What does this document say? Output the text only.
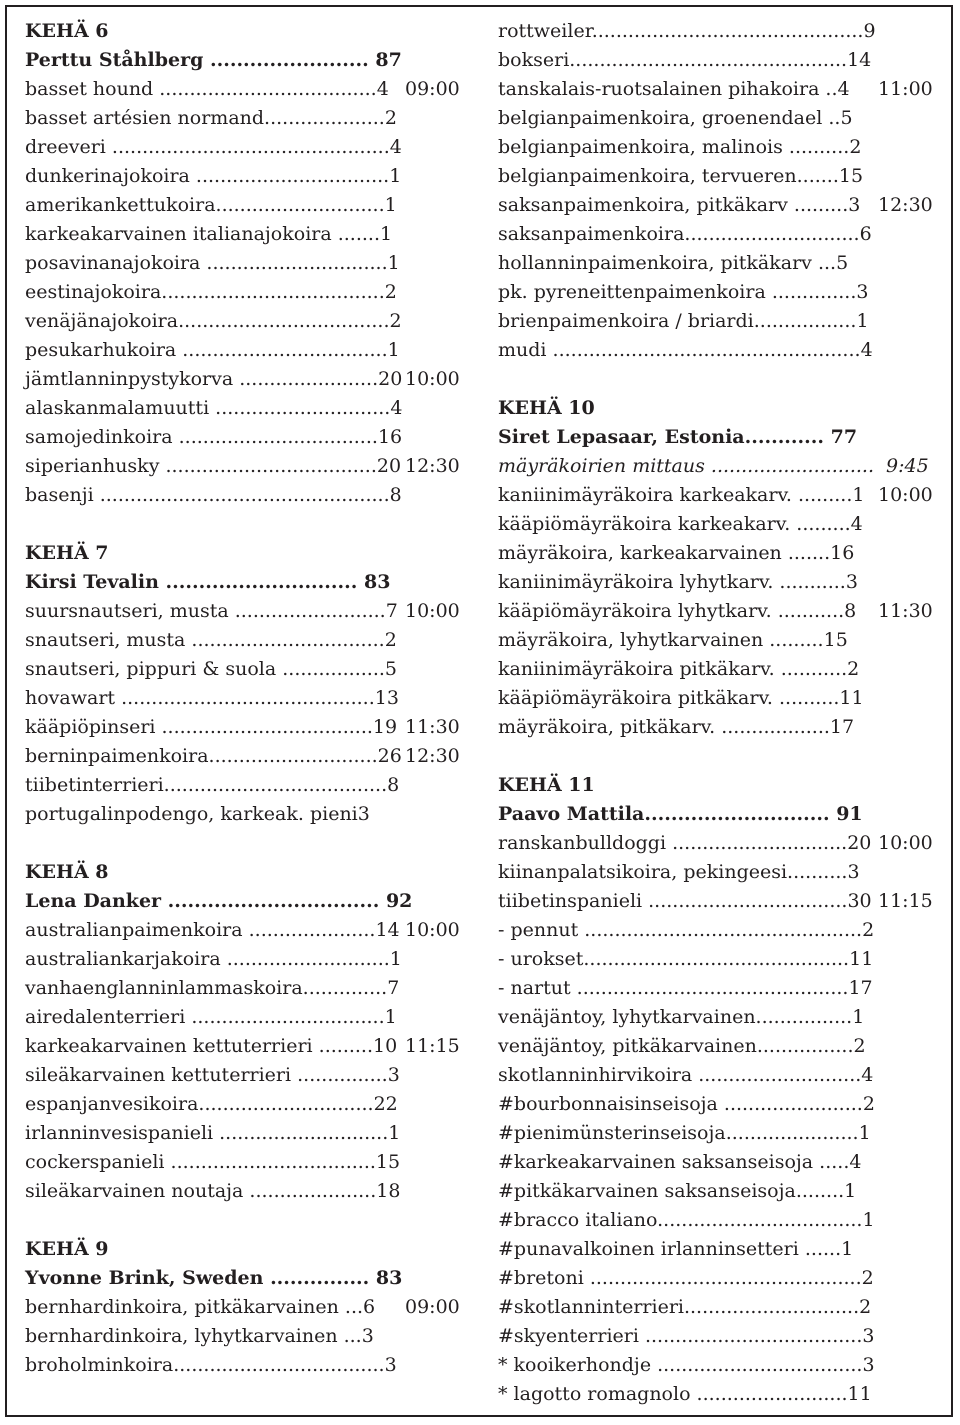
KEHÄ 6
Perttu Ståhlberg ........................ 87
basset hound .................................... 4 09:00
basset artésien normand.................... 2
dreeveri .............................................. 4
dunkerinajokoira ................................ 1
amerikankettukoira............................ 1
karkeakarvainen italianajokoira ....... 1
posavinanajokoira .............................. 1
eestinajokoira..................................... 2
venäjänajokoira................................... 2
pesukarhukoira .................................. 1
jämtlanninpystykorva ....................... 20 10:00
alaskanmalamuutti ............................. 4
samojedinkoira ................................. 16
siperianhusky ................................... 20 12:30
basenji ................................................ 8
KEHÄ 7
Kirsi Tevalin ............................. 83
suursnautseri, musta ......................... 7 10:00
snautseri, musta ................................ 2
snautseri, pippuri & suola ................. 5
hovawart .......................................... 13
kääpiöpinseri ................................... 19 11:30
berninpaimenkoira............................ 26 12:30
tiibetinterrieri..................................... 8
portugalinpodengo, karkeak. pieni 3
KEHÄ 8
Lena Danker ................................ 92
australianpaimenkoira ..................... 14 10:00
australiankarjakoira ........................... 1
vanhaenglanninlammaskoira.............. 7
airedalenterrieri ................................ 1
karkeakarvainen kettuterrieri ......... 10 11:15
sileäkarvainen kettuterrieri ............... 3
espanjanvesikoira............................. 22
irlanninvesispanieli ............................ 1
cockerspanieli .................................. 15
sileäkarvainen noutaja ..................... 18
KEHÄ 9
Yvonne Brink, Sweden ............... 83
bernhardinkoira, pitkäkarvainen ... 6 09:00
bernhardinkoira, lyhytkarvainen ... 3
broholminkoira................................... 3
rottweiler............................................. 9
bokseri.............................................. 14
tanskalais-ruotsalainen pihakoira .. 4 11:00
belgianpaimenkoira, groenendael .. 5
belgianpaimenkoira, malinois .......... 2
belgianpaimenkoira, tervueren....... 15
saksanpaimenkoira, pitkäkarv ......... 3 12:30
saksanpaimenkoira............................. 6
hollanninpaimenkoira, pitkäkarv ... 5
pk. pyreneittenpaimenkoira .............. 3
brienpaimenkoira / briardi................. 1
mudi ................................................... 4
KEHÄ 10
Siret Lepasaar, Estonia............ 77
mäyräkoirien mittaus ........................... 9:45
kaniinimäyräkoira karkeakarv. ......... 1 10:00
kääpiömäyräkoira karkeakarv. ......... 4
mäyräkoira, karkeakarvainen ....... 16
kaniinimäyräkoira lyhytkarv. ........... 3
kääpiömäyräkoira lyhytkarv. ........... 8 11:30
mäyräkoira, lyhytkarvainen ......... 15
kaniinimäyräkoira pitkäkarv. ........... 2
kääpiömäyräkoira pitkäkarv. .......... 11
mäyräkoira, pitkäkarv. .................. 17
KEHÄ 11
Paavo Mattila............................ 91
ranskanbulldoggi ............................. 20 10:00
kiinanpalatsikoira, pekingeesi.......... 3
tiibetinspanieli ................................. 30 11:15
- pennut .............................................. 2
- urokset............................................ 11
- nartut ............................................. 17
venäjäntoy, lyhytkarvainen................ 1
venäjäntoy, pitkäkarvainen................ 2
skotlanninhirvikoira ........................... 4
#bourbonnaisinseisoja ....................... 2
#pienimünsterinseisoja...................... 1
#karkeakarvainen saksanseisoja ..... 4
#pitkäkarvainen saksanseisoja........ 1
#bracco italiano.................................. 1
#punavalkoinen irlanninsetteri ...... 1
#bretoni ............................................. 2
#skotlanninterrieri............................. 2
#skyenterrieri .................................... 3
* kooikerhondje .................................. 3
* lagotto romagnolo ......................... 11
